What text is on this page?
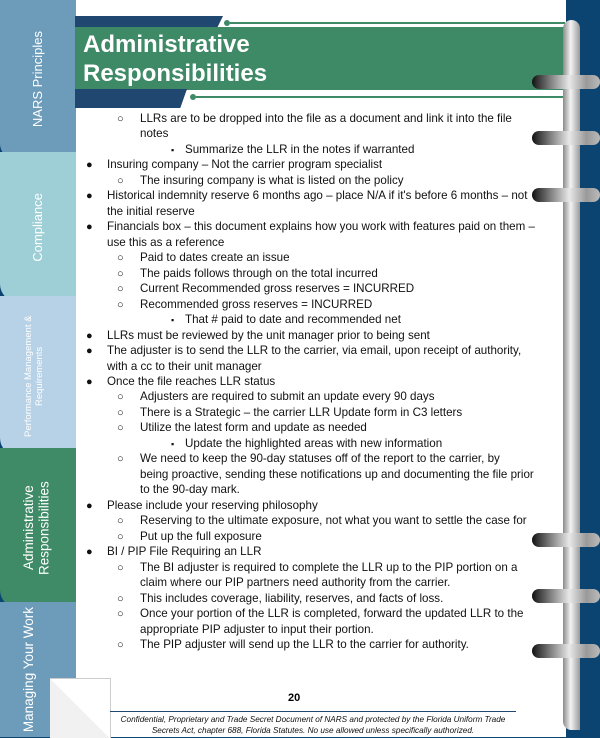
NARS Principles
Compliance
Performance Management & Requirements
Administrative Responsibilities
Managing Your Work
Administrative
Responsibilities
○ LLRs are to be dropped into the file as a document and link it into the file
notes
▪ Summarize the LLR in the notes if warranted
● Insuring company – Not the carrier program specialist
○ The insuring company is what is listed on the policy
● Historical indemnity reserve 6 months ago – place N/A if it's before 6 months – not
the initial reserve
● Financials box – this document explains how you work with features paid on them –
use this as a reference
○ Paid to dates create an issue
○ The paids follows through on the total incurred
○ Current Recommended gross reserves = INCURRED
○ Recommended gross reserves = INCURRED
▪ That # paid to date and recommended net
● LLRs must be reviewed by the unit manager prior to being sent
● The adjuster is to send the LLR to the carrier, via email, upon receipt of authority,
with a cc to their unit manager
● Once the file reaches LLR status
○ Adjusters are required to submit an update every 90 days
○ There is a Strategic – the carrier LLR Update form in C3 letters
○ Utilize the latest form and update as needed
▪ Update the highlighted areas with new information
○ We need to keep the 90-day statuses off of the report to the carrier, by
being proactive, sending these notifications up and documenting the file prior
to the 90-day mark.
● Please include your reserving philosophy
○ Reserving to the ultimate exposure, not what you want to settle the case for
○ Put up the full exposure
● BI / PIP File Requiring an LLR
○ The BI adjuster is required to complete the LLR up to the PIP portion on a
claim where our PIP partners need authority from the carrier.
○ This includes coverage, liability, reserves, and facts of loss.
○ Once your portion of the LLR is completed, forward the updated LLR to the
appropriate PIP adjuster to input their portion.
○ The PIP adjuster will send up the LLR to the carrier for authority.
20
Confidential, Proprietary and Trade Secret Document of NARS and protected by the Florida Uniform Trade
Secrets Act, chapter 688, Florida Statutes. No use allowed unless specifically authorized.
